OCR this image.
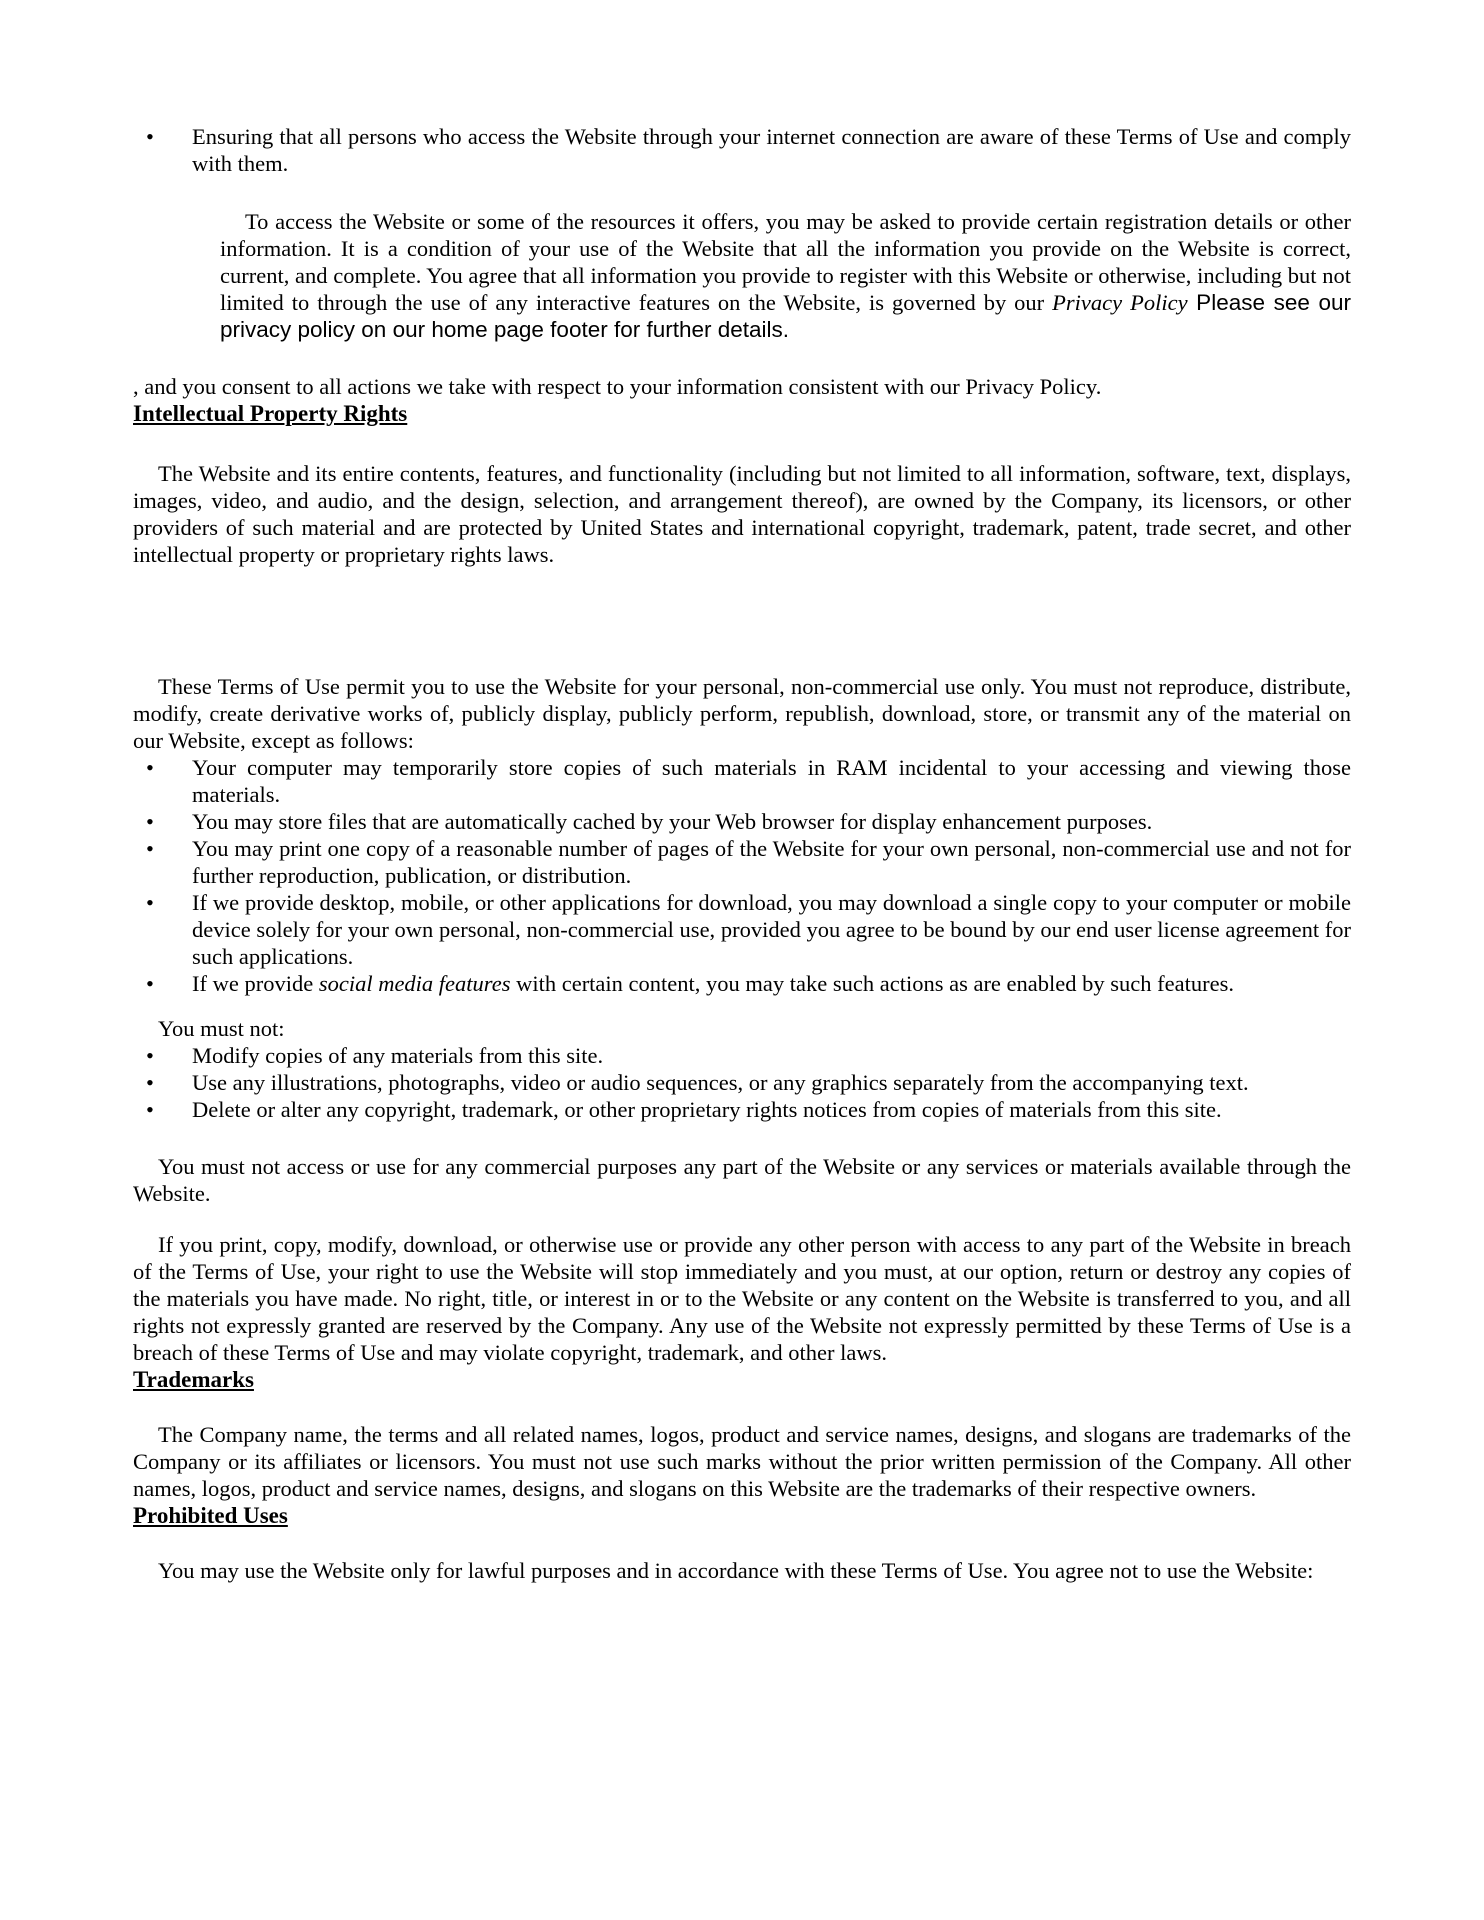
• Ensuring that all persons who access the Website through your internet connection are aware of these Terms of Use and comply with them.
To access the Website or some of the resources it offers, you may be asked to provide certain registration details or other information. It is a condition of your use of the Website that all the information you provide on the Website is correct, current, and complete. You agree that all information you provide to register with this Website or otherwise, including but not limited to through the use of any interactive features on the Website, is governed by our Privacy Policy Please see our privacy policy on our home page footer for further details.

, and you consent to all actions we take with respect to your information consistent with our Privacy Policy.

Intellectual Property Rights

The Website and its entire contents, features, and functionality (including but not limited to all information, software, text, displays, images, video, and audio, and the design, selection, and arrangement thereof), are owned by the Company, its licensors, or other providers of such material and are protected by United States and international copyright, trademark, patent, trade secret, and other intellectual property or proprietary rights laws.

These Terms of Use permit you to use the Website for your personal, non-commercial use only. You must not reproduce, distribute, modify, create derivative works of, publicly display, publicly perform, republish, download, store, or transmit any of the material on our Website, except as follows:

• Your computer may temporarily store copies of such materials in RAM incidental to your accessing and viewing those materials.
• You may store files that are automatically cached by your Web browser for display enhancement purposes.
• You may print one copy of a reasonable number of pages of the Website for your own personal, non-commercial use and not for further reproduction, publication, or distribution.
• If we provide desktop, mobile, or other applications for download, you may download a single copy to your computer or mobile device solely for your own personal, non-commercial use, provided you agree to be bound by our end user license agreement for such applications.
• If we provide social media features with certain content, you may take such actions as are enabled by such features.

You must not:

• Modify copies of any materials from this site.
• Use any illustrations, photographs, video or audio sequences, or any graphics separately from the accompanying text.
• Delete or alter any copyright, trademark, or other proprietary rights notices from copies of materials from this site.

You must not access or use for any commercial purposes any part of the Website or any services or materials available through the Website.

If you print, copy, modify, download, or otherwise use or provide any other person with access to any part of the Website in breach of the Terms of Use, your right to use the Website will stop immediately and you must, at our option, return or destroy any copies of the materials you have made. No right, title, or interest in or to the Website or any content on the Website is transferred to you, and all rights not expressly granted are reserved by the Company. Any use of the Website not expressly permitted by these Terms of Use is a breach of these Terms of Use and may violate copyright, trademark, and other laws.

Trademarks

The Company name, the terms and all related names, logos, product and service names, designs, and slogans are trademarks of the Company or its affiliates or licensors. You must not use such marks without the prior written permission of the Company. All other names, logos, product and service names, designs, and slogans on this Website are the trademarks of their respective owners.

Prohibited Uses

You may use the Website only for lawful purposes and in accordance with these Terms of Use. You agree not to use the Website:
